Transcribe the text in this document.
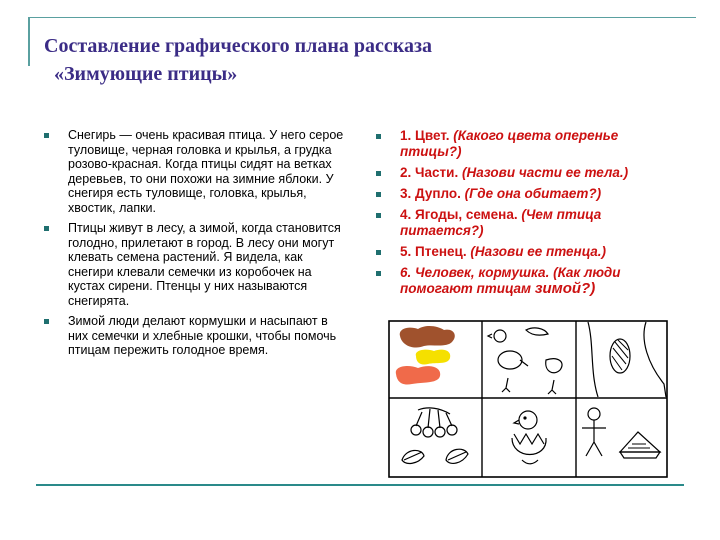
Составление графического плана рассказа
«Зимующие птицы»
Снегирь — очень красивая птица. У него серое туловище, черная головка и крылья, а грудка розово-красная. Когда птицы сидят на ветках деревьев, то они похожи на зимние яблоки. У снегиря есть туловище, головка, крылья, хвостик, лапки.
Птицы живут в лесу, а зимой, когда становится голодно, прилетают в город. В лесу они могут клевать семена растений. Я видела, как снегири клевали семечки из коробочек на кустах сирени. Птенцы у них называются снегирята.
Зимой люди делают кормушки и насыпают в них семечки и хлебные крошки, чтобы помочь птицам пережить голодное время.
1. Цвет. (Какого цвета оперенье птицы?)
2. Части. (Назови части ее тела.)
3. Дупло. (Где она обитает?)
4. Ягоды, семена. (Чем птица питается?)
5. Птенец. (Назови ее птенца.)
6. Человек, кормушка. (Как люди помогают птицам зимой?)
